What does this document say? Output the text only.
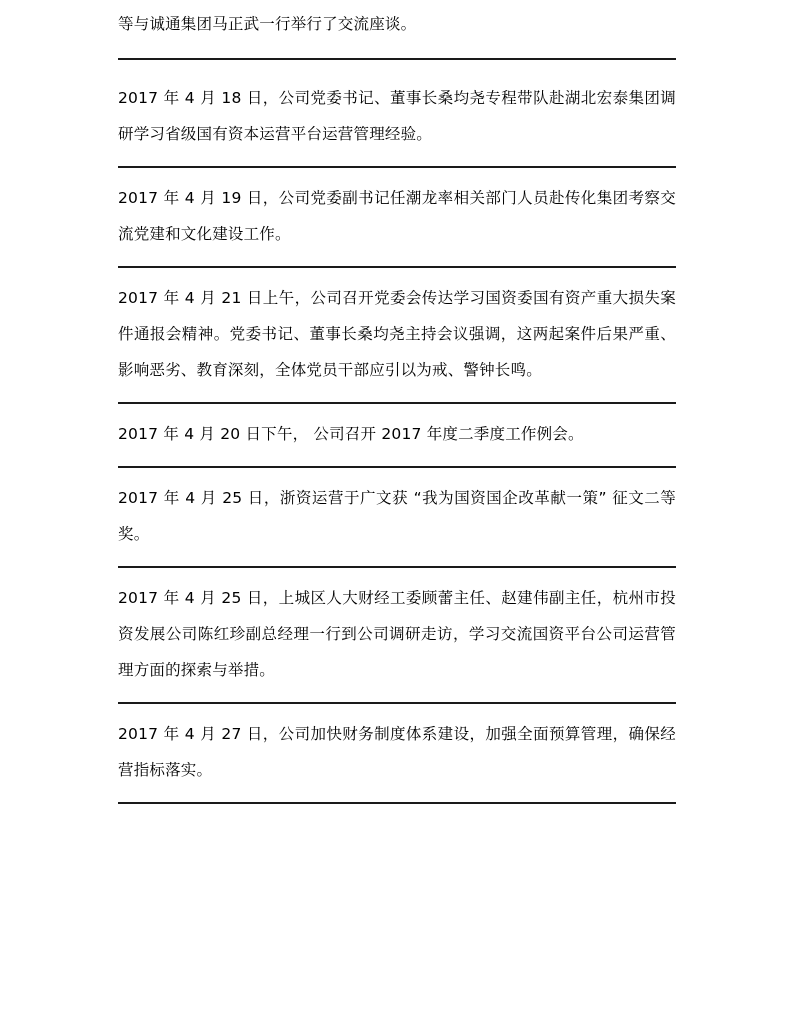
等与诚通集团马正武一行举行了交流座谈。

2017 年 4 月 18 日，公司党委书记、董事长桑均尧专程带队赴湖北宏泰集团调研学习省级国有资本运营平台运营管理经验。

2017 年 4 月 19 日，公司党委副书记任潮龙率相关部门人员赴传化集团考察交流党建和文化建设工作。

2017 年 4 月 21 日上午，公司召开党委会传达学习国资委国有资产重大损失案件通报会精神。党委书记、董事长桑均尧主持会议强调，这两起案件后果严重、影响恶劣、教育深刻，全体党员干部应引以为戒、警钟长鸣。

2017 年 4 月 20 日下午， 公司召开 2017 年度二季度工作例会。

2017 年 4 月 25 日，浙资运营于广文获 “我为国资国企改革献一策” 征文二等奖。

2017 年 4 月 25 日，上城区人大财经工委顾蕾主任、赵建伟副主任，杭州市投资发展公司陈红珍副总经理一行到公司调研走访，学习交流国资平台公司运营管理方面的探索与举措。

2017 年 4 月 27 日，公司加快财务制度体系建设，加强全面预算管理，确保经营指标落实。
